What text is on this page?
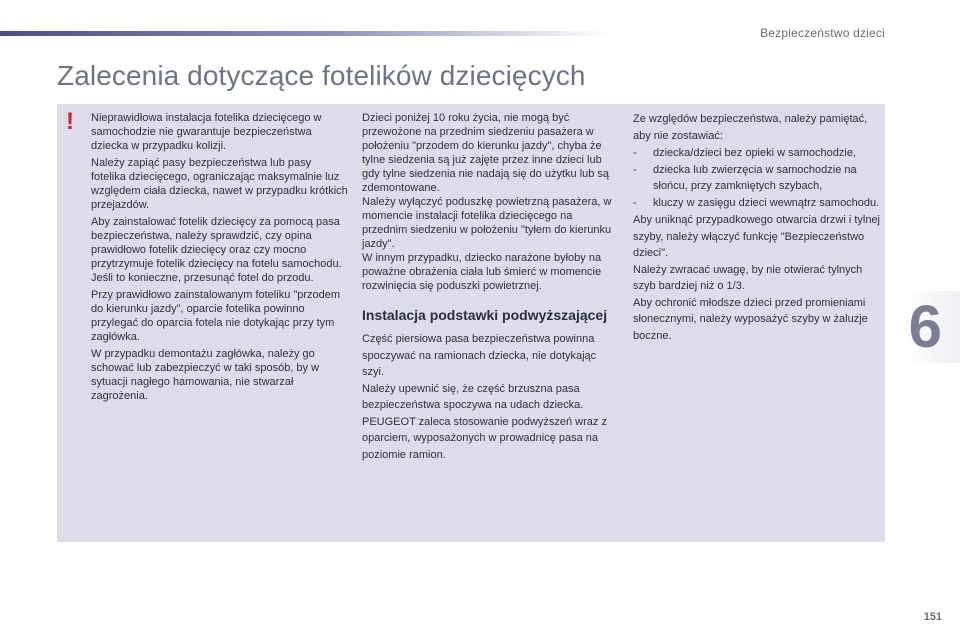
Bezpieczeństwo dzieci
Zalecenia dotyczące fotelików dziecięcych
! Nieprawidłowa instalacja fotelika dziecięcego w samochodzie nie gwarantuje bezpieczeństwa dziecka w przypadku kolizji.

Należy zapiąć pasy bezpieczeństwa lub pasy fotelika dziecięcego, ograniczając maksymalnie luz względem ciała dziecka, nawet w przypadku krótkich przejazdów.

Aby zainstalować fotelik dziecięcy za pomocą pasa bezpieczeństwa, należy sprawdzić, czy opina prawidłowo fotelik dziecięcy oraz czy mocno przytrzymuje fotelik dziecięcy na fotelu samochodu. Jeśli to konieczne, przesunąć fotel do przodu.

Przy prawidłowo zainstalowanym foteliku "przodem do kierunku jazdy", oparcie fotelika powinno przylegać do oparcia fotela nie dotykając przy tym zagłówka.

W przypadku demontażu zagłówka, należy go schować lub zabezpieczyć w taki sposób, by w sytuacji nagłego hamowania, nie stwarzał zagrożenia.

Dzieci poniżej 10 roku życia, nie mogą być przewożone na przednim siedzeniu pasażera w położeniu "przodem do kierunku jazdy", chyba że tylne siedzenia są już zajęte przez inne dzieci lub gdy tylne siedzenia nie nadają się do użytku lub są zdemontowane.

Należy wyłączyć poduszkę powietrzną pasażera, w momencie instalacji fotelika dziecięcego na przednim siedzeniu w położeniu "tyłem do kierunku jazdy".

W innym przypadku, dziecko narażone byłoby na poważne obrażenia ciała lub śmierć w momencie rozwinięcia się poduszki powietrznej.

Instalacja podstawki podwyższającej

Część piersiowa pasa bezpieczeństwa powinna spoczywać na ramionach dziecka, nie dotykając szyi.

Należy upewnić się, że część brzuszna pasa bezpieczeństwa spoczywa na udach dziecka.

PEUGEOT zaleca stosowanie podwyższeń wraz z oparciem, wyposażonych w prowadnicę pasa na poziomie ramion.

Ze względów bezpieczeństwa, należy pamiętać, aby nie zostawiać:

- dziecka/dzieci bez opieki w samochodzie,
- dziecka lub zwierzęcia w samochodzie na słońcu, przy zamkniętych szybach,
- kluczy w zasięgu dzieci wewnątrz samochodu.

Aby uniknąć przypadkowego otwarcia drzwi i tylnej szyby, należy włączyć funkcję "Bezpieczeństwo dzieci".

Należy zwracać uwagę, by nie otwierać tylnych szyb bardziej niż o 1/3.

Aby ochronić młodsze dzieci przed promieniami słonecznymi, należy wyposażyć szyby w żaluzje boczne.	6
151
